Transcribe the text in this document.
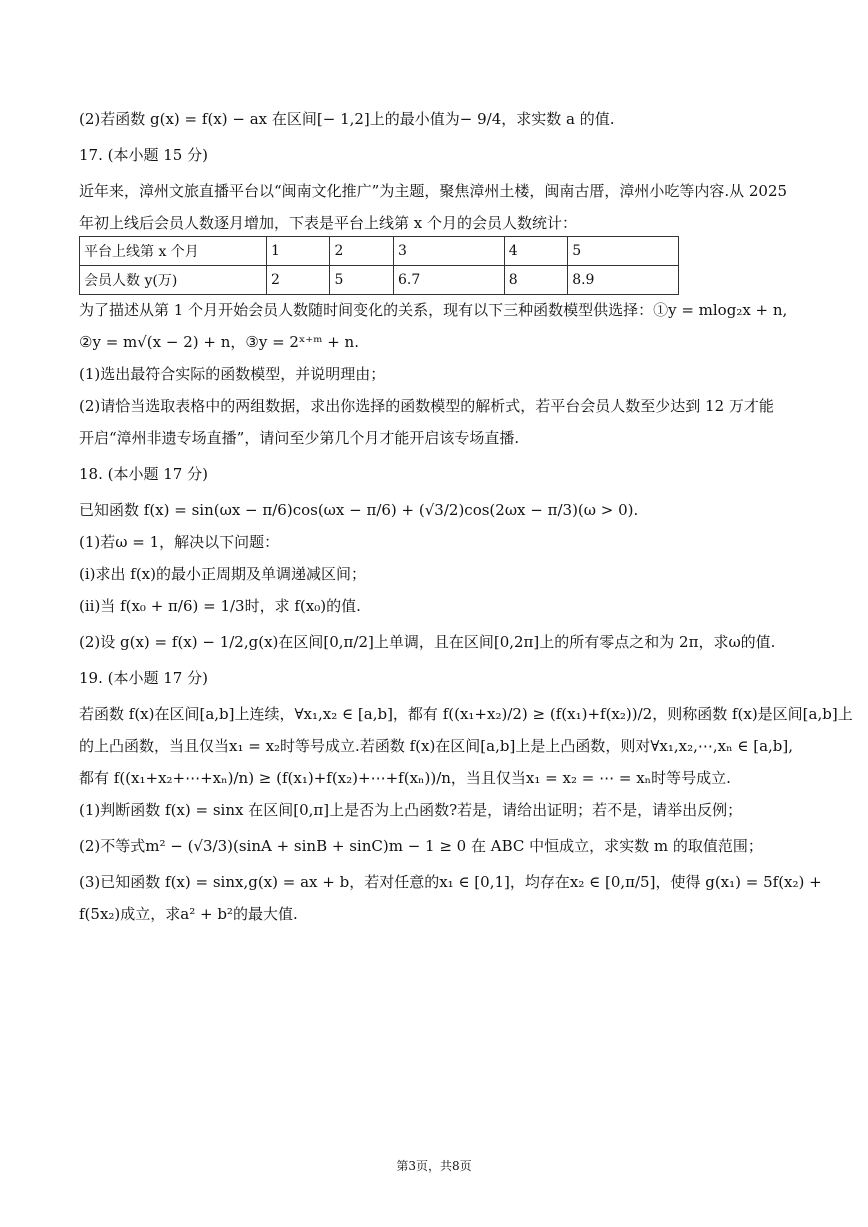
(2)若函数 g(x) = f(x) − ax 在区间[− 1,2]上的最小值为− 9/4，求实数 a 的值.

17. (本小题 15 分)

近年来，漳州文旅直播平台以“闽南文化推广”为主题，聚焦漳州土楼，闽南古厝，漳州小吃等内容.从 2025

年初上线后会员人数逐月增加，下表是平台上线第 x 个月的会员人数统计：

平台上线第 x 个月	1	2	3	4	5
会员人数 y(万)	2	5	6.7	8	8.9

为了描述从第 1 个月开始会员人数随时间变化的关系，现有以下三种函数模型供选择：①y = mlog₂x + n,

②y = m√(x − 2) + n，③y = 2ˣ⁺ᵐ + n.

(1)选出最符合实际的函数模型，并说明理由；

(2)请恰当选取表格中的两组数据，求出你选择的函数模型的解析式，若平台会员人数至少达到 12 万才能

开启“漳州非遗专场直播”，请问至少第几个月才能开启该专场直播.

18. (本小题 17 分)

已知函数 f(x) = sin(ωx − π/6)cos(ωx − π/6) + (√3/2)cos(2ωx − π/3)(ω > 0).

(1)若ω = 1，解决以下问题：

(i)求出 f(x)的最小正周期及单调递减区间；

(ii)当 f(x₀ + π/6) = 1/3时，求 f(x₀)的值.

(2)设 g(x) = f(x) − 1/2,g(x)在区间[0,π/2]上单调，且在区间[0,2π]上的所有零点之和为 2π，求ω的值.

19. (本小题 17 分)

若函数 f(x)在区间[a,b]上连续，∀x₁,x₂ ∈ [a,b]，都有 f((x₁+x₂)/2) ≥ (f(x₁)+f(x₂))/2，则称函数 f(x)是区间[a,b]上

的上凸函数，当且仅当x₁ = x₂时等号成立.若函数 f(x)在区间[a,b]上是上凸函数，则对∀x₁,x₂,⋯,xₙ ∈ [a,b],

都有 f((x₁+x₂+⋯+xₙ)/n) ≥ (f(x₁)+f(x₂)+⋯+f(xₙ))/n，当且仅当x₁ = x₂ = ⋯ = xₙ时等号成立.

(1)判断函数 f(x) = sinx 在区间[0,π]上是否为上凸函数?若是，请给出证明；若不是，请举出反例；

(2)不等式m² − (√3/3)(sinA + sinB + sinC)m − 1 ≥ 0 在 ABC 中恒成立，求实数 m 的取值范围；

(3)已知函数 f(x) = sinx,g(x) = ax + b，若对任意的x₁ ∈ [0,1]，均存在x₂ ∈ [0,π/5]，使得 g(x₁) = 5f(x₂) +

f(5x₂)成立，求a² + b²的最大值.

第3页，共8页
